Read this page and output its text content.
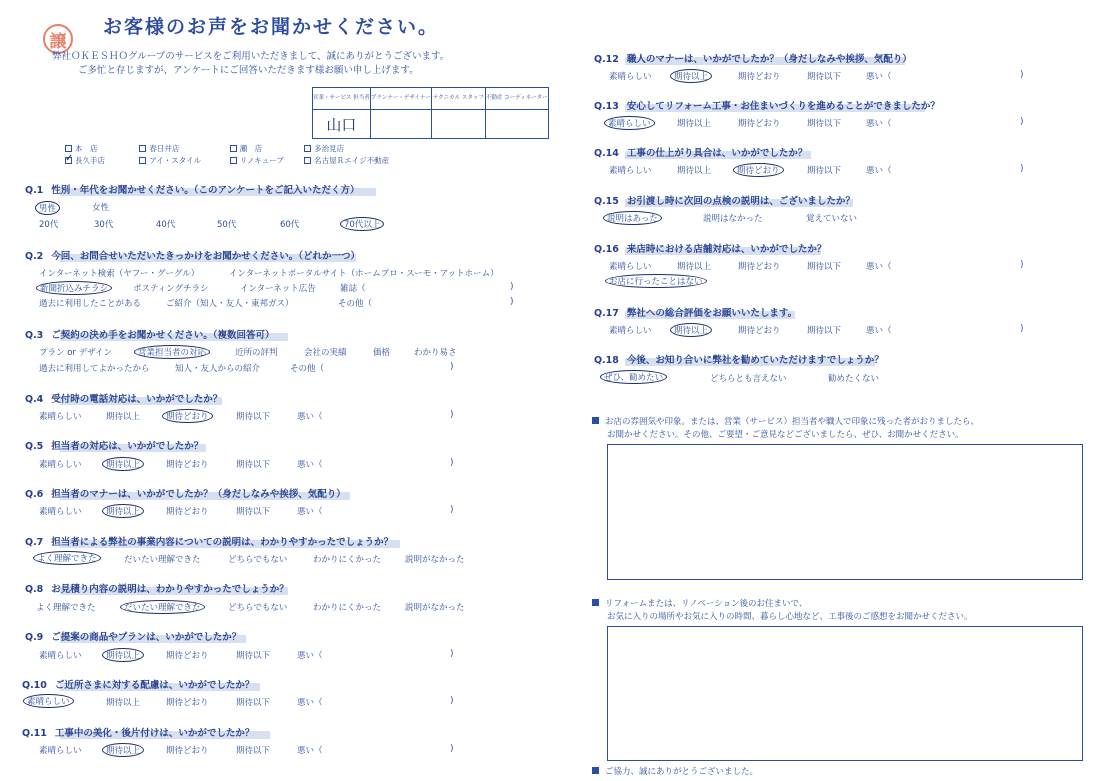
譲
お客様のお声をお聞かせください。
弊社ＯＫＥＳＨＯグループのサービスをご利用いただきまして、誠にありがとうございます。
ご多忙と存じますが、アンケートにご回答いただきます様お願い申し上げます。
営業・サービス 担当者	プランナー・デザイナー	テクニカル スタッフ	不動産 コーディネーター
山口			
本　店	春日井店	瀬　店	多治見店
✓ 長久手店	アイ・スタイル	リノキューブ	名古屋Ｒエイジ不動産
Q.1 性別・年代をお聞かせください。（このアンケートをご記入いただく方）
男性	女性
20代	30代	40代	50代	60代	70代以上
Q.2 今回、お問合せいただいたきっかけをお聞かせください。（どれか一つ）
インターネット検索（ヤフー・グーグル）	インターネットポータルサイト（ホームプロ・スーモ・アットホーム）
新聞折込みチラシ	ポスティングチラシ	インターネット広告	雑誌（	)
過去に利用したことがある	ご紹介（知人・友人・東邦ガス）	その他（	)
Q.3 ご契約の決め手をお聞かせください。（複数回答可）
プラン or デザイン	営業担当者の対応	近所の評判	会社の実績	価格	わかり易さ
過去に利用してよかったから	知人・友人からの紹介	その他（	)
Q.4 受付時の電話対応は、いかがでしたか？
素晴らしい	期待以上	期待どおり	期待以下	悪い（	)
Q.5 担当者の対応は、いかがでしたか？
素晴らしい	期待以上	期待どおり	期待以下	悪い（	)
Q.6 担当者のマナーは、いかがでしたか？（身だしなみや挨拶、気配り）
素晴らしい	期待以上	期待どおり	期待以下	悪い（	)
Q.7 担当者による弊社の事業内容についての説明は、わかりやすかったでしょうか？
よく理解できた	だいたい理解できた	どちらでもない	わかりにくかった	説明がなかった
Q.8 お見積り内容の説明は、わかりやすかったでしょうか？
よく理解できた	だいたい理解できた	どちらでもない	わかりにくかった	説明がなかった
Q.9 ご提案の商品やプランは、いかがでしたか？
素晴らしい	期待以上	期待どおり	期待以下	悪い（	)
Q.10 ご近所さまに対する配慮は、いかがでしたか？
素晴らしい	期待以上	期待どおり	期待以下	悪い（	)
Q.11 工事中の美化・後片付けは、いかがでしたか？
素晴らしい	期待以上	期待どおり	期待以下	悪い（	)
Q.12 職人のマナーは、いかがでしたか？（身だしなみや挨拶、気配り）
素晴らしい	期待以上	期待どおり	期待以下	悪い（	)
Q.13 安心してリフォーム工事・お住まいづくりを進めることができましたか？
素晴らしい	期待以上	期待どおり	期待以下	悪い（	)
Q.14 工事の仕上がり具合は、いかがでしたか？
素晴らしい	期待以上	期待どおり	期待以下	悪い（	)
Q.15 お引渡し時に次回の点検の説明は、ございましたか？
説明はあった	説明はなかった	覚えていない
Q.16 来店時における店舗対応は、いかがでしたか？
素晴らしい	期待以上	期待どおり	期待以下	悪い（	)
お店に行ったことはない
Q.17 弊社への総合評価をお願いいたします。
素晴らしい	期待以上	期待どおり	期待以下	悪い（	)
Q.18 今後、お知り合いに弊社を勧めていただけますでしょうか？
ぜひ、勧めたい	どちらとも言えない	勧めたくない
お店の雰囲気や印象。または、営業（サービス）担当者や職人で印象に残った者がおりましたら、
お聞かせください。その他、ご要望・ご意見などございましたら、ぜひ、お聞かせください。
リフォームまたは、リノベーション後のお住まいで、
お気に入りの場所やお気に入りの時間、暮らし心地など、工事後のご感想をお聞かせください。
ご協力、誠にありがとうございました。
